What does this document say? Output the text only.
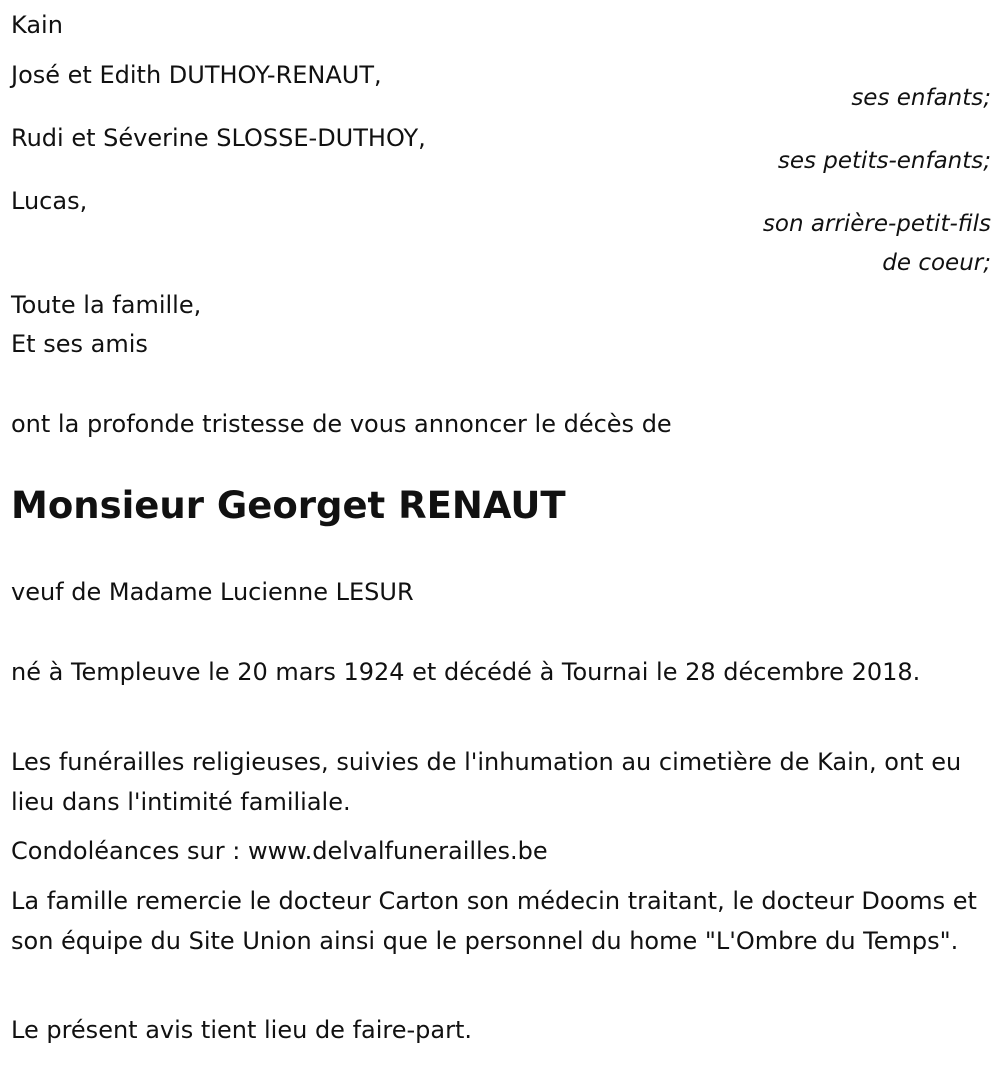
Kain
José et Edith DUTHOY-RENAUT,
ses enfants;
Rudi et Séverine SLOSSE-DUTHOY,
ses petits-enfants;
Lucas,
son arrière-petit-fils
de coeur;
Toute la famille,
Et ses amis
ont la profonde tristesse de vous annoncer le décès de
Monsieur Georget RENAUT
veuf de Madame Lucienne LESUR
né à Templeuve le 20 mars 1924 et décédé à Tournai le 28 décembre 2018.
Les funérailles religieuses, suivies de l'inhumation au cimetière de Kain, ont eu lieu dans l'intimité familiale.
Condoléances sur : www.delvalfunerailles.be
La famille remercie le docteur Carton son médecin traitant, le docteur Dooms et son équipe du Site Union ainsi que le personnel du home "L'Ombre du Temps".
Le présent avis tient lieu de faire-part.
